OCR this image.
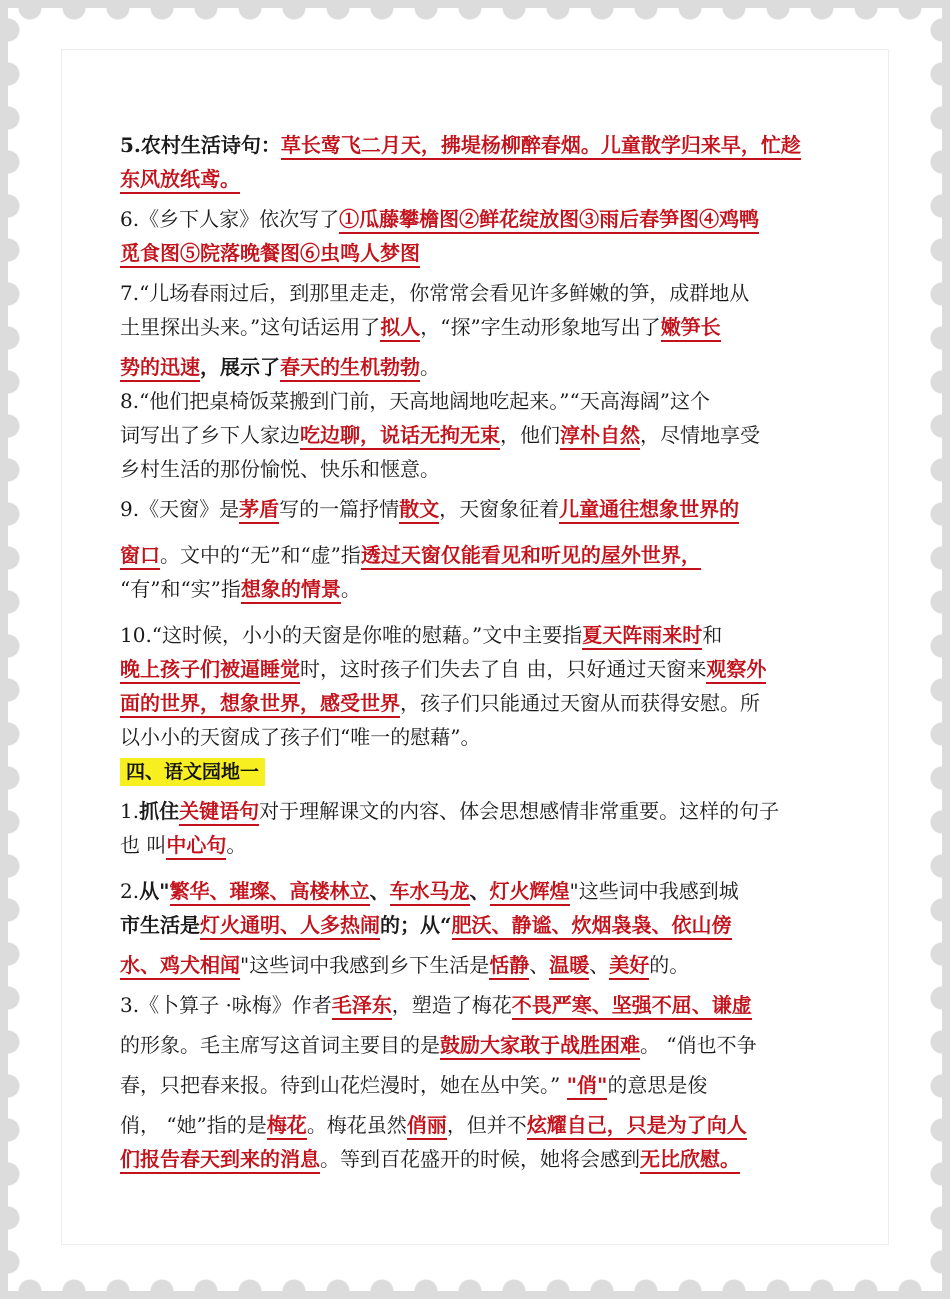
5.农村生活诗句：草长莺飞二月天，拂堤杨柳醉春烟。儿童散学归来早，忙趁
东风放纸鸢。
6.《乡下人家》依次写了①瓜藤攀檐图②鲜花绽放图③雨后春笋图④鸡鸭
觅食图⑤院落晚餐图⑥虫鸣人梦图
7.“儿场春雨过后，到那里走走，你常常会看见许多鲜嫩的笋，成群地从
土里探出头来。”这句话运用了拟人，“探”字生动形象地写出了嫩笋长
势的迅速，展示了春天的生机勃勃。
8.“他们把桌椅饭菜搬到门前，天高地阔地吃起来。”“天高海阔”这个
词写出了乡下人家边吃边聊，说话无拘无束，他们淳朴自然，尽情地享受
乡村生活的那份愉悦、快乐和惬意。
9.《天窗》是茅盾写的一篇抒情散文，天窗象征着儿童通往想象世界的
窗口。文中的“无”和“虚”指透过天窗仅能看见和听见的屋外世界，
“有”和“实”指想象的情景。
10.“这时候，小小的天窗是你唯的慰藉。”文中主要指夏天阵雨来时和
晚上孩子们被逼睡觉时，这时孩子们失去了自 由，只好通过天窗来观察外
面的世界，想象世界，感受世界，孩子们只能通过天窗从而获得安慰。所
以小小的天窗成了孩子们“唯一的慰藉”。
四、语文园地一
1.抓住关键语句对于理解课文的内容、体会思想感情非常重要。这样的句子
也 叫中心句。
2.从"繁华、璀璨、高楼林立、车水马龙、灯火辉煌"这些词中我感到城
市生活是灯火通明、人多热闹的；从“肥沃、静谧、炊烟袅袅、依山傍
水、鸡犬相闻"这些词中我感到乡下生活是恬静、温暖、美好的。
3.《卜算子 ·咏梅》作者毛泽东，塑造了梅花不畏严寒、坚强不屈、谦虚
的形象。毛主席写这首词主要目的是鼓励大家敢于战胜困难。 “俏也不争
春，只把春来报。待到山花烂漫时，她在丛中笑。” "俏"的意思是俊
俏， “她”指的是梅花。梅花虽然俏丽，但并不炫耀自己，只是为了向人
们报告春天到来的消息。等到百花盛开的时候，她将会感到无比欣慰。
